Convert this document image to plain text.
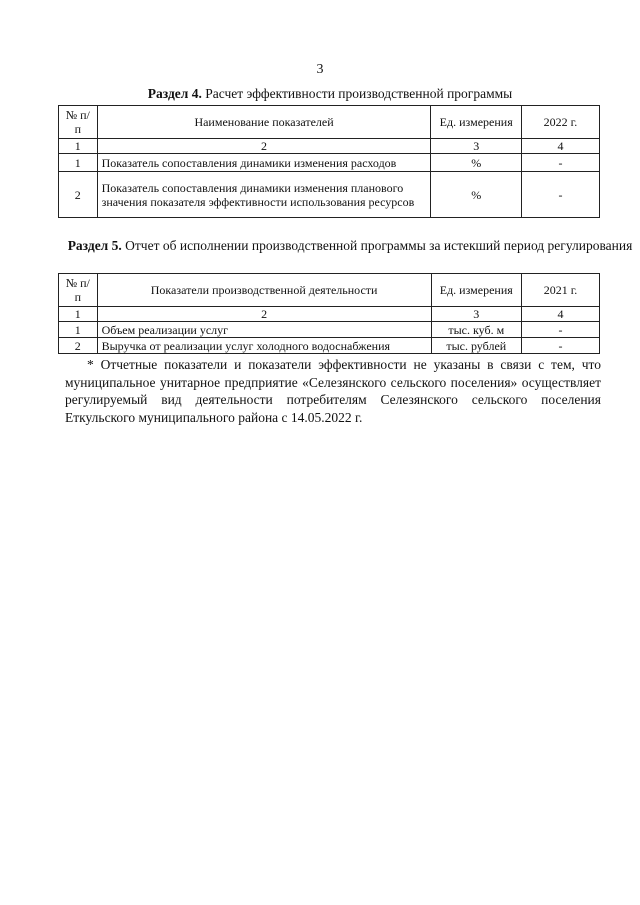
3
Раздел 4. Расчет эффективности производственной программы
№ п/п	Наименование показателей	Ед. измерения	2022 г.
1	2	3	4
1	Показатель сопоставления динамики изменения расходов	%	-
2	Показатель сопоставления динамики изменения планового значения показателя эффективности использования ресурсов	%	-
Раздел 5. Отчет об исполнении производственной программы за истекший период регулирования
№ п/п	Показатели производственной деятельности	Ед. измерения	2021 г.
1	2	3	4
1	Объем реализации услуг	тыс. куб. м	-
2	Выручка от реализации услуг холодного водоснабжения	тыс. рублей	-
* Отчетные показатели и показатели эффективности не указаны в связи с тем, что муниципальное унитарное предприятие «Селезянского сельского поселения» осуществляет регулируемый вид деятельности потребителям Селезянского сельского поселения Еткульского муниципального района с 14.05.2022 г.
